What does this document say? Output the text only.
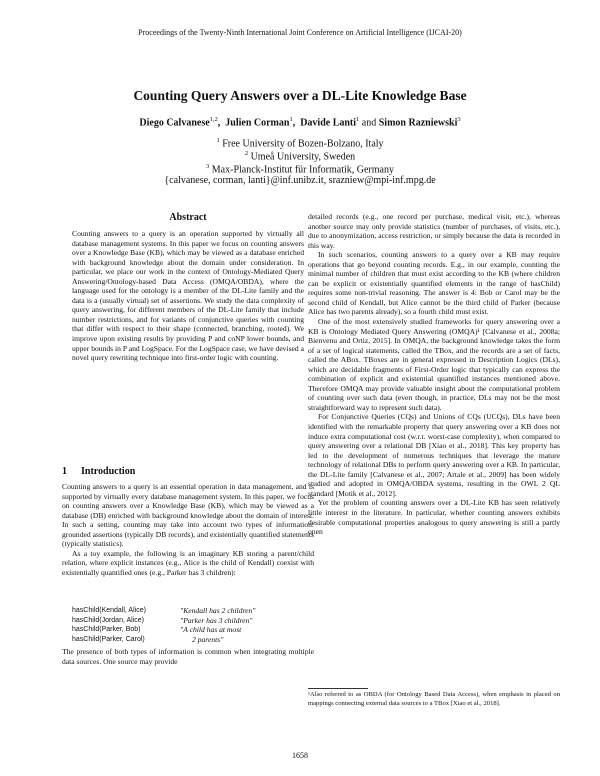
Proceedings of the Twenty-Ninth International Joint Conference on Artificial Intelligence (IJCAI-20)
Counting Query Answers over a DL-Lite Knowledge Base
Diego Calvanese$^{1,2}$,  Julien Corman$^1$,  Davide Lanti$^1$ and Simon Razniewski$^3$
$^1$ Free University of Bozen-Bolzano, Italy
$^2$ Umeå University, Sweden
$^3$ Max-Planck-Institut für Informatik, Germany
{calvanese, corman, lanti}@inf.unibz.it, srazniew@mpi-inf.mpg.de
Abstract
Counting answers to a query is an operation supported by virtually all database management systems. In this paper we focus on counting answers over a Knowledge Base (KB), which may be viewed as a database enriched with background knowledge about the domain under consideration. In particular, we place our work in the context of Ontology-Mediated Query Answering/Ontology-based Data Access (OMQA/OBDA), where the language used for the ontology is a member of the DL-Lite family and the data is a (usually virtual) set of assertions. We study the data complexity of query answering, for different members of the DL-Lite family that include number restrictions, and for variants of conjunctive queries with counting that differ with respect to their shape (connected, branching, rooted). We improve upon existing results by providing P and coNP lower bounds, and upper bounds in P and LogSpace. For the LogSpace case, we have devised a novel query rewriting technique into first-order logic with counting.
1 Introduction

Counting answers to a query is an essential operation in data management, and is supported by virtually every database management system. In this paper, we focus on counting answers over a Knowledge Base (KB), which may be viewed as a database (DB) enriched with background knowledge about the domain of interest. In such a setting, counting may take into account two types of information: grounded assertions (typically DB records), and existentially quantified statements (typically statistics).

As a toy example, the following is an imaginary KB storing a parent/child relation, where explicit instances (e.g., Alice is the child of Kendall) coexist with existentially quantified ones (e.g., Parker has 3 children):

hasChild(Kendall, Alice)	"Kendall has 2 children"
hasChild(Jordan, Alice)	"Parker has 3 children"
hasChild(Parker, Bob)	"A child has at most
hasChild(Parker, Carol)	2 parents"

The presence of both types of information is common when integrating multiple data sources. One source may provide

detailed records (e.g., one record per purchase, medical visit, etc.), whereas another source may only provide statistics (number of purchases, of visits, etc.), due to anonymization, access restriction, or simply because the data is recorded in this way.

In such scenarios, counting answers to a query over a KB may require operations that go beyond counting records. E.g., in our example, counting the minimal number of children that must exist according to the KB (where children can be explicit or existentially quantified elements in the range of hasChild) requires some non-trivial reasoning. The answer is 4: Bob or Carol may be the second child of Kendall, but Alice cannot be the third child of Parker (because Alice has two parents already), so a fourth child must exist.

One of the most extensively studied frameworks for query answering over a KB is Ontology Mediated Query Answering (OMQA)¹ [Calvanese et al., 2008a; Bienvenu and Ortiz, 2015]. In OMQA, the background knowledge takes the form of a set of logical statements, called the TBox, and the records are a set of facts, called the ABox. TBoxes are in general expressed in Description Logics (DLs), which are decidable fragments of First-Order logic that typically can express the combination of explicit and existential quantified instances mentioned above. Therefore OMQA may provide valuable insight about the computational problem of counting over such data (even though, in practice, DLs may not be the most straightforward way to represent such data).

For Conjunctive Queries (CQs) and Unions of CQs (UCQs), DLs have been identified with the remarkable property that query answering over a KB does not induce extra computational cost (w.r.t. worst-case complexity), when compared to query answering over a relational DB [Xiao et al., 2018]. This key property has led to the development of numerous techniques that leverage the mature technology of relational DBs to perform query answering over a KB. In particular, the DL-Lite family [Calvanese et al., 2007; Artale et al., 2009] has been widely studied and adopted in OMQA/OBDA systems, resulting in the OWL 2 QL standard [Motik et al., 2012].

Yet the problem of counting answers over a DL-Lite KB has seen relatively little interest in the literature. In particular, whether counting answers exhibits desirable computational properties analogous to query answering is still a partly open

¹Also referred to as OBDA (for Ontology Based Data Access), when emphasis in placed on mappings connecting external data sources to a TBox [Xiao et al., 2018].
1658
